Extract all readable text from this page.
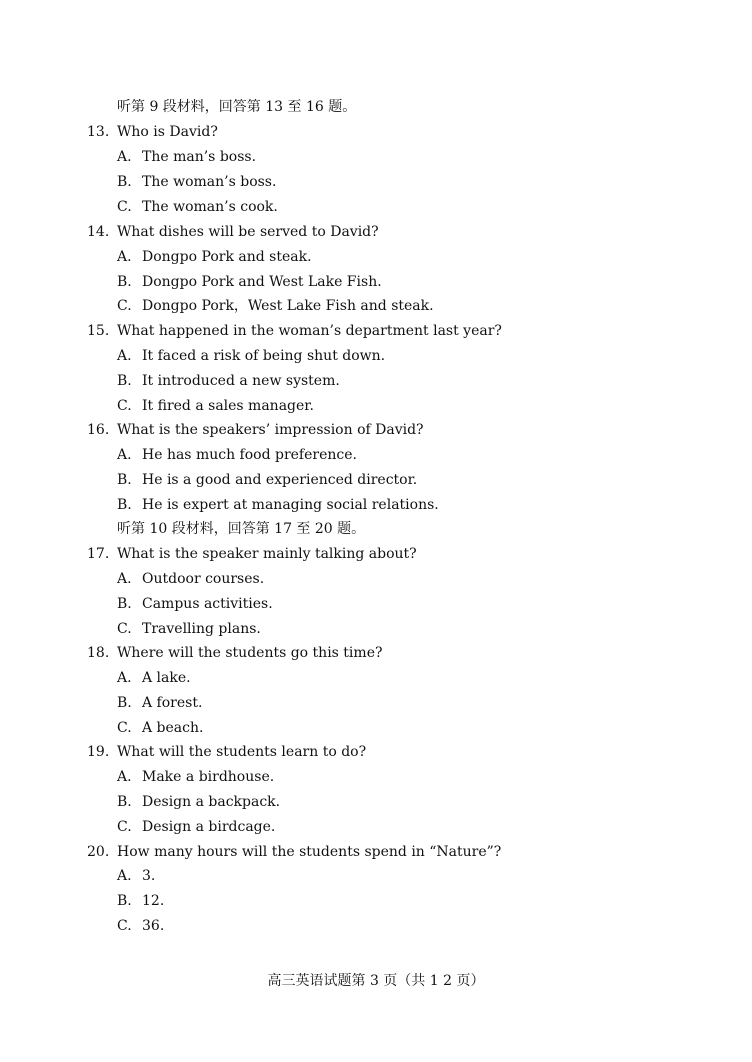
听第 9 段材料，回答第 13 至 16 题。
13. Who is David?
A. The man’s boss.
B. The woman’s boss.
C. The woman’s cook.
14. What dishes will be served to David?
A. Dongpo Pork and steak.
B. Dongpo Pork and West Lake Fish.
C. Dongpo Pork，West Lake Fish and steak.
15. What happened in the woman’s department last year?
A. It faced a risk of being shut down.
B. It introduced a new system.
C. It fired a sales manager.
16. What is the speakers’ impression of David?
A. He has much food preference.
B. He is a good and experienced director.
B. He is expert at managing social relations.
听第 10 段材料，回答第 17 至 20 题。
17. What is the speaker mainly talking about?
A. Outdoor courses.
B. Campus activities.
C. Travelling plans.
18. Where will the students go this time?
A. A lake.
B. A forest.
C. A beach.
19. What will the students learn to do?
A. Make a birdhouse.
B. Design a backpack.
C. Design a birdcage.
20. How many hours will the students spend in “Nature”?
A. 3.
B. 12.
C. 36.
高三英语试题第 3 页（共 1 2 页）
